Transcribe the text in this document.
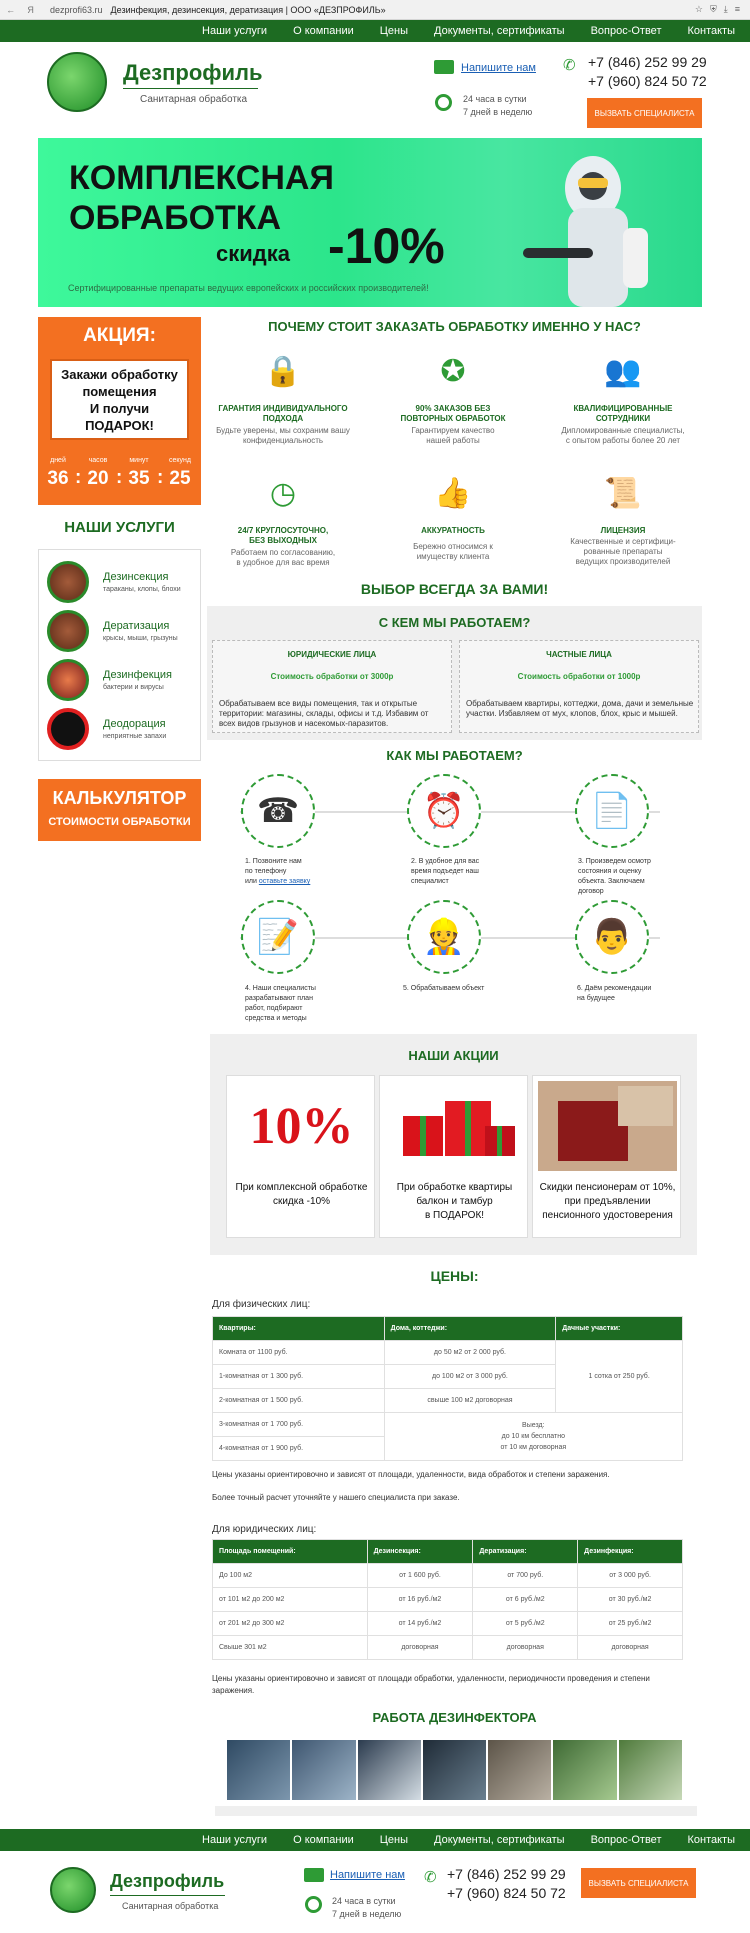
← Я dezprofi63.ru Дезинфекция, дезинсекция, дератизация | ООО «ДЕЗПРОФИЛЬ»	☆ ⛨ ⤓ ≡
Наши услуги О компании Цены Документы, сертификаты Вопрос-Ответ Контакты
Дезпрофиль
Санитарная обработка
Напишите нам
24 часа в сутки
7 дней в неделю
✆ +7 (846) 252 99 29
+7 (960) 824 50 72
ВЫЗВАТЬ СПЕЦИАЛИСТА
КОМПЛЕКСНАЯ
ОБРАБОТКА
скидка -10%
Сертифицированные препараты ведущих европейских и российских производителей!
АКЦИЯ:
Закажи обработку
помещения
И получи
ПОДАРОК!
дней	часов	минут	секунд
36 : 20 : 35 : 25
НАШИ УСЛУГИ
Дезинсекция
тараканы, клопы, блохи
Дератизация
крысы, мыши, грызуны
Дезинфекция
бактерии и вирусы
Деодорация
неприятные запахи
КАЛЬКУЛЯТОР
СТОИМОСТИ ОБРАБОТКИ
ПОЧЕМУ СТОИТ ЗАКАЗАТЬ ОБРАБОТКУ ИМЕННО У НАС?
🔒
ГАРАНТИЯ ИНДИВИДУАЛЬНОГО
ПОДХОДА
Будьте уверены, мы сохраним вашу
конфиденциальность
✪
90% ЗАКАЗОВ БЕЗ
ПОВТОРНЫХ ОБРАБОТОК
Гарантируем качество
нашей работы
👥
КВАЛИФИЦИРОВАННЫЕ
СОТРУДНИКИ
Дипломированные специалисты,
с опытом работы более 20 лет
◷
24/7 КРУГЛОСУТОЧНО,
БЕЗ ВЫХОДНЫХ
Работаем по согласованию,
в удобное для вас время
👍
АККУРАТНОСТЬ
Бережно относимся к
имуществу клиента
📜
ЛИЦЕНЗИЯ
Качественные и сертифици-
рованные препараты
ведущих производителей
ВЫБОР ВСЕГДА ЗА ВАМИ!
С КЕМ МЫ РАБОТАЕМ?
ЮРИДИЧЕСКИЕ ЛИЦА
Стоимость обработки от 3000р
Обрабатываем все виды помещения, так и открытые территории: магазины, склады, офисы и т.д. Избавим от всех видов грызунов и насекомых-паразитов.
ЧАСТНЫЕ ЛИЦА
Стоимость обработки от 1000р
Обрабатываем квартиры, коттеджи, дома, дачи и земельные участки. Избавляем от мух, клопов, блох, крыс и мышей.
КАК МЫ РАБОТАЕМ?
☎	⏰	📄
📝	👷	👨
1. Позвоните нам
по телефону
или оставьте заявку
2. В удобное для вас
время подъедет наш
специалист
3. Произведем осмотр
состояния и оценку
объекта. Заключаем
договор
4. Наши специалисты
разрабатывают план
работ, подбирают
средства и методы
5. Обрабатываем объект	6. Даём рекомендации
на будущее
НАШИ АКЦИИ
10%
При комплексной обработке
скидка -10%
При обработке квартиры
балкон и тамбур
в ПОДАРОК!
Скидки пенсионерам от 10%,
при предъявлении
пенсионного удостоверения
ЦЕНЫ:
Для физических лиц:
Квартиры:	Дома, коттеджи:	Дачные участки:
Комната от 1100 руб.	до 50 м2 от 2 000 руб.	1 сотка от 250 руб.
1-комнатная от 1 300 руб.	до 100 м2 от 3 000 руб.	
2-комнатная от 1 500 руб.	свыше 100 м2 договорная	
3-комнатная от 1 700 руб.	Выезд:
до 10 км бесплатно
от 10 км договорная	

4-комнатная от 1 900 руб.		
Цены указаны ориентировочно и зависят от площади, удаленности, вида обработок и степени заражения.
Более точный расчет уточняйте у нашего специалиста при заказе.
Для юридических лиц:
Площадь помещений:	Дезинсекция:	Дератизация:	Дезинфекция:
До 100 м2	от 1 600 руб.	от 700 руб.	от 3 000 руб.
от 101 м2 до 200 м2	от 16 руб./м2	от 6 руб./м2	от 30 руб./м2
от 201 м2 до 300 м2	от 14 руб./м2	от 5 руб./м2	от 25 руб./м2
Свыше 301 м2	договорная	договорная	договорная
Цены указаны ориентировочно и зависят от площади обработки, удаленности, периодичности проведения и степени
заражения.
РАБОТА ДЕЗИНФЕКТОРА
Наши услуги О компании Цены Документы, сертификаты Вопрос-Ответ Контакты
Дезпрофиль
Санитарная обработка
Напишите нам
24 часа в сутки
7 дней в неделю
✆ +7 (846) 252 99 29
+7 (960) 824 50 72
ВЫЗВАТЬ СПЕЦИАЛИСТА
